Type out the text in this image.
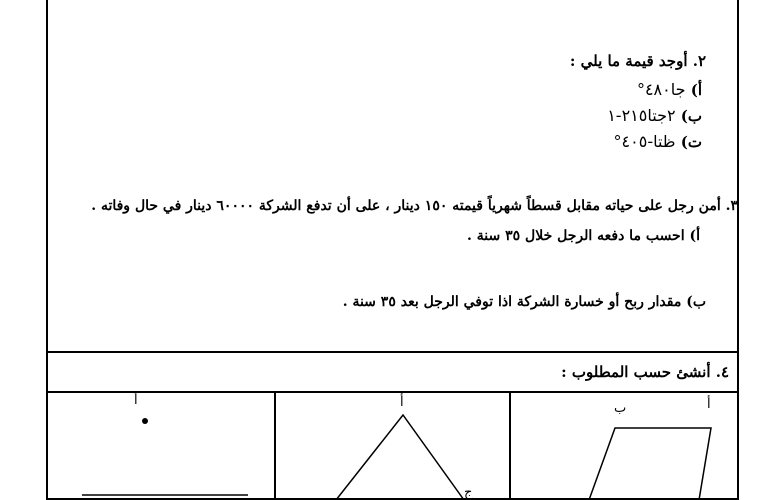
٢. أوجد قيمة ما يلي :
أ) جا٤٨٠°
ب) ٢جتا٢١٥-١
ت) ظتا-٤٠٥°
٣. أمن رجل على حياته مقابل قسطاً شهرياً قيمته ١٥٠ دينار ، على أن تدفع الشركة ٦٠٠٠٠ دينار في حال وفاته .
أ) احسب ما دفعه الرجل خلال ٣٥ سنة .
ب) مقدار ربح أو خسارة الشركة اذا توفي الرجل بعد ٣٥ سنة .
٤. أنشئ حسب المطلوب :
أ	أ
ج
ب	أ
